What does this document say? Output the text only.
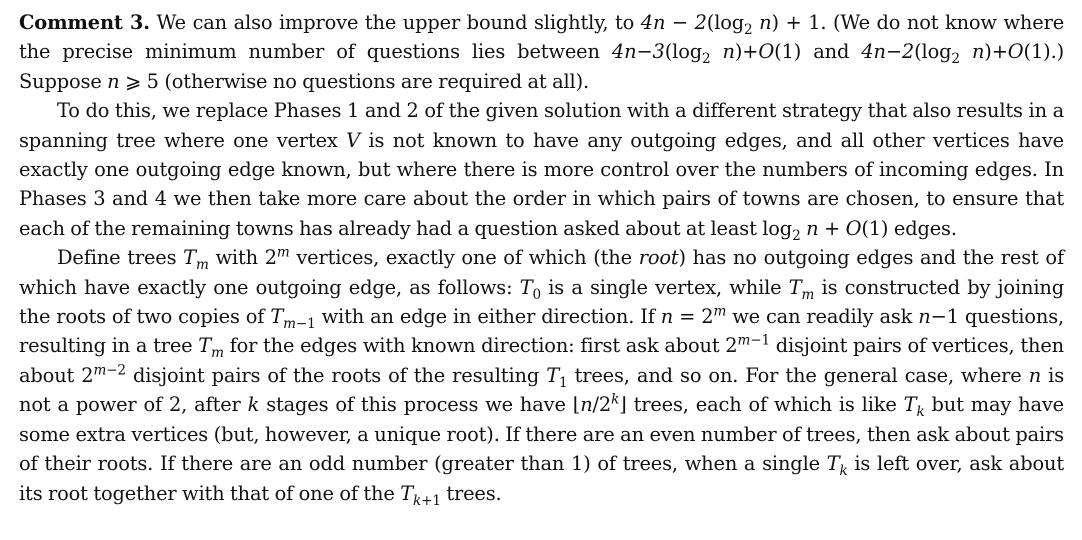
Comment 3. We can also improve the upper bound slightly, to $4n - 2(\log_2$ n) + 1. (We do not know where the precise minimum number of questions lies between $4n-3(\log_2$ n)+O(1) and $4n-2(\log_2$ n)+O(1).) Suppose n ⩾ 5 (otherwise no questions are required at all).

To do this, we replace Phases 1 and 2 of the given solution with a different strategy that also results in a spanning tree where one vertex V is not known to have any outgoing edges, and all other vertices have exactly one outgoing edge known, but where there is more control over the numbers of incoming edges. In Phases 3 and 4 we then take more care about the order in which pairs of towns are chosen, to ensure that each of the remaining towns has already had a question asked about at least $\log_2 n + O(1)$ edges.

Define trees $T_m$ with 2$^m$ vertices, exactly one of which (the root) has no outgoing edges and the rest of which have exactly one outgoing edge, as follows: $T_0$ is a single vertex, while $T_m$ is constructed by joining the roots of two copies of $T_{m-1}$ with an edge in either direction. If $n = 2^m$ we can readily ask n−1 questions, resulting in a tree $T_m$ for the edges with known direction: first ask about $2^{m-1}$ disjoint pairs of vertices, then about $2^{m-2}$ disjoint pairs of the roots of the resulting $T_1$ trees, and so on. For the general case, where n is not a power of 2, after k stages of this process we have ⌊n/2$^k$⌋ trees, each of which is like $T_k$ but may have some extra vertices (but, however, a unique root). If there are an even number of trees, then ask about pairs of their roots. If there are an odd number (greater than 1) of trees, when a single $T_k$ is left over, ask about its root together with that of one of the $T_{k+1}$ trees.
